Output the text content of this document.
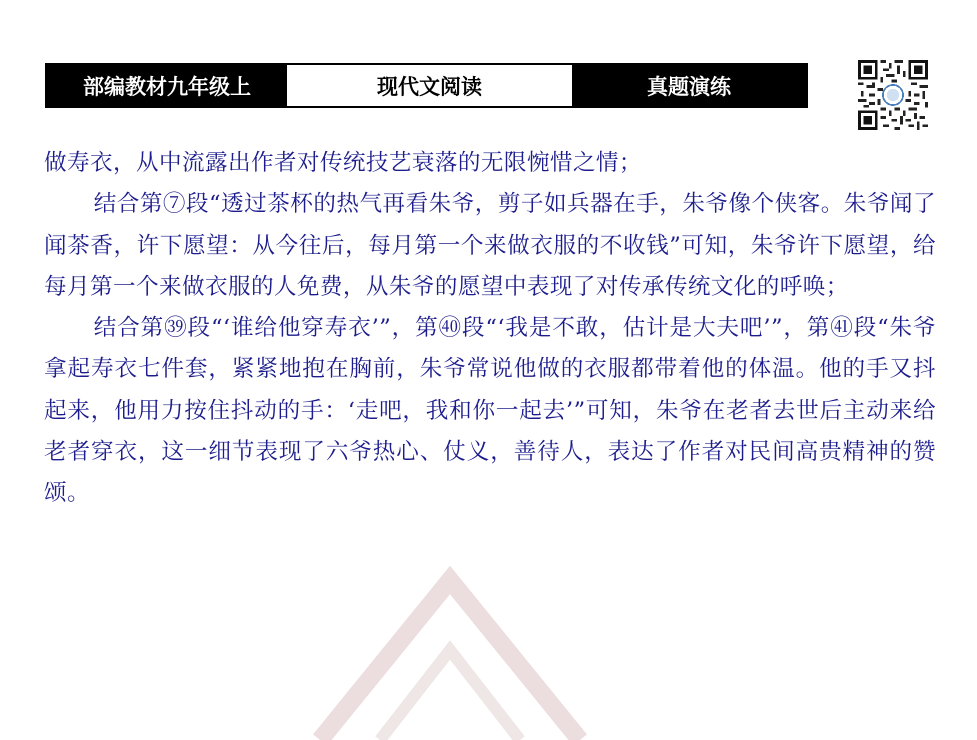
部编教材九年级上	现代文阅读	真题演练

做寿衣，从中流露出作者对传统技艺衰落的无限惋惜之情；

结合第⑦段“透过茶杯的热气再看朱爷，剪子如兵器在手，朱爷像个侠客。朱爷闻了闻茶香，许下愿望：从今往后，每月第一个来做衣服的不收钱”可知，朱爷许下愿望，给每月第一个来做衣服的人免费，从朱爷的愿望中表现了对传承传统文化的呼唤；

结合第㊴段“‘谁给他穿寿衣’”，第㊵段“‘我是不敢，估计是大夫吧’”，第㊶段“朱爷拿起寿衣七件套，紧紧地抱在胸前，朱爷常说他做的衣服都带着他的体温。他的手又抖起来，他用力按住抖动的手：‘走吧，我和你一起去’”可知，朱爷在老者去世后主动来给老者穿衣，这一细节表现了六爷热心、仗义，善待人，表达了作者对民间高贵精神的赞颂。
